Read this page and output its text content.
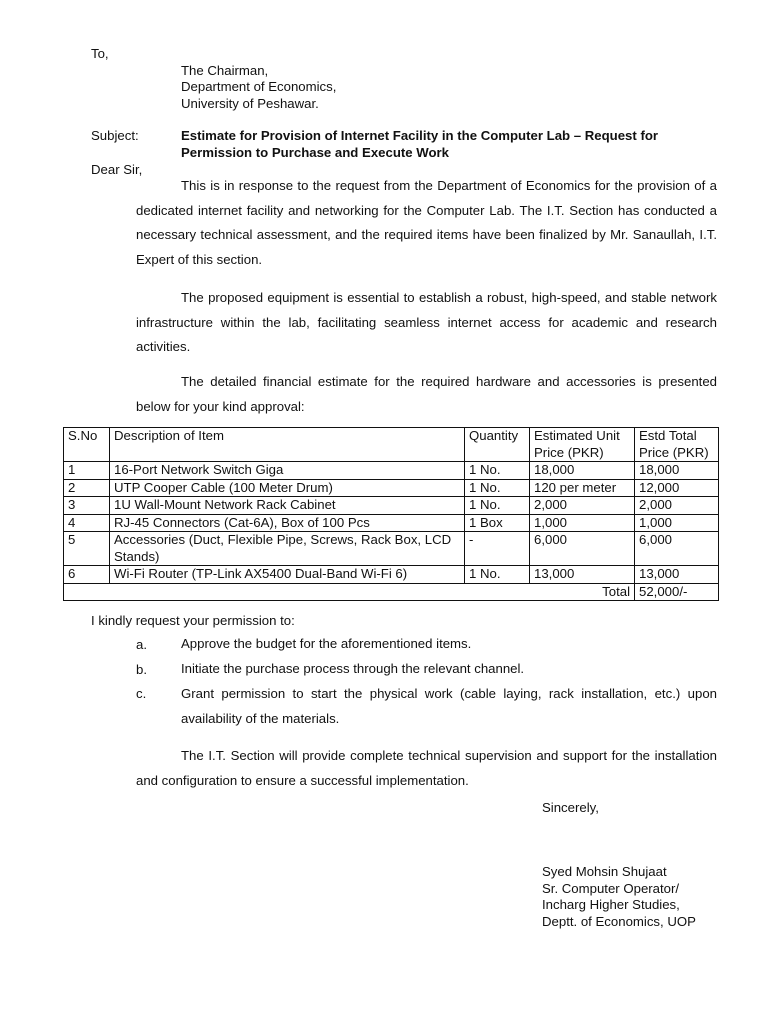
To,
The Chairman,
Department of Economics,
University of Peshawar.
Subject:	Estimate for Provision of Internet Facility in the Computer Lab – Request for
Permission to Purchase and Execute Work
Dear Sir,
This is in response to the request from the Department of Economics for the provision of a dedicated internet facility and networking for the Computer Lab. The I.T. Section has conducted a necessary technical assessment, and the required items have been finalized by Mr. Sanaullah, I.T. Expert of this section.
The proposed equipment is essential to establish a robust, high-speed, and stable network infrastructure within the lab, facilitating seamless internet access for academic and research activities.
The detailed financial estimate for the required hardware and accessories is presented below for your kind approval:
S.No	Description of Item	Quantity	Estimated Unit Price (PKR)	Estd Total Price (PKR)
1	16-Port Network Switch Giga	1 No.	18,000	18,000
2	UTP Cooper Cable (100 Meter Drum)	1 No.	120 per meter	12,000
3	1U Wall-Mount Network Rack Cabinet	1 No.	2,000	2,000
4	RJ-45 Connectors (Cat-6A), Box of 100 Pcs	1 Box	1,000	1,000
5	Accessories (Duct, Flexible Pipe, Screws, Rack Box, LCD Stands)	-	6,000	6,000
6	Wi-Fi Router (TP-Link AX5400 Dual-Band Wi-Fi 6)	1 No.	13,000	13,000
Total				52,000/-
I kindly request your permission to:
a.	Approve the budget for the aforementioned items.
b.	Initiate the purchase process through the relevant channel.
c.	Grant permission to start the physical work (cable laying, rack installation, etc.) upon availability of the materials.
The I.T. Section will provide complete technical supervision and support for the installation and configuration to ensure a successful implementation.
Sincerely,
Syed Mohsin Shujaat
Sr. Computer Operator/
Incharg Higher Studies,
Deptt. of Economics, UOP
